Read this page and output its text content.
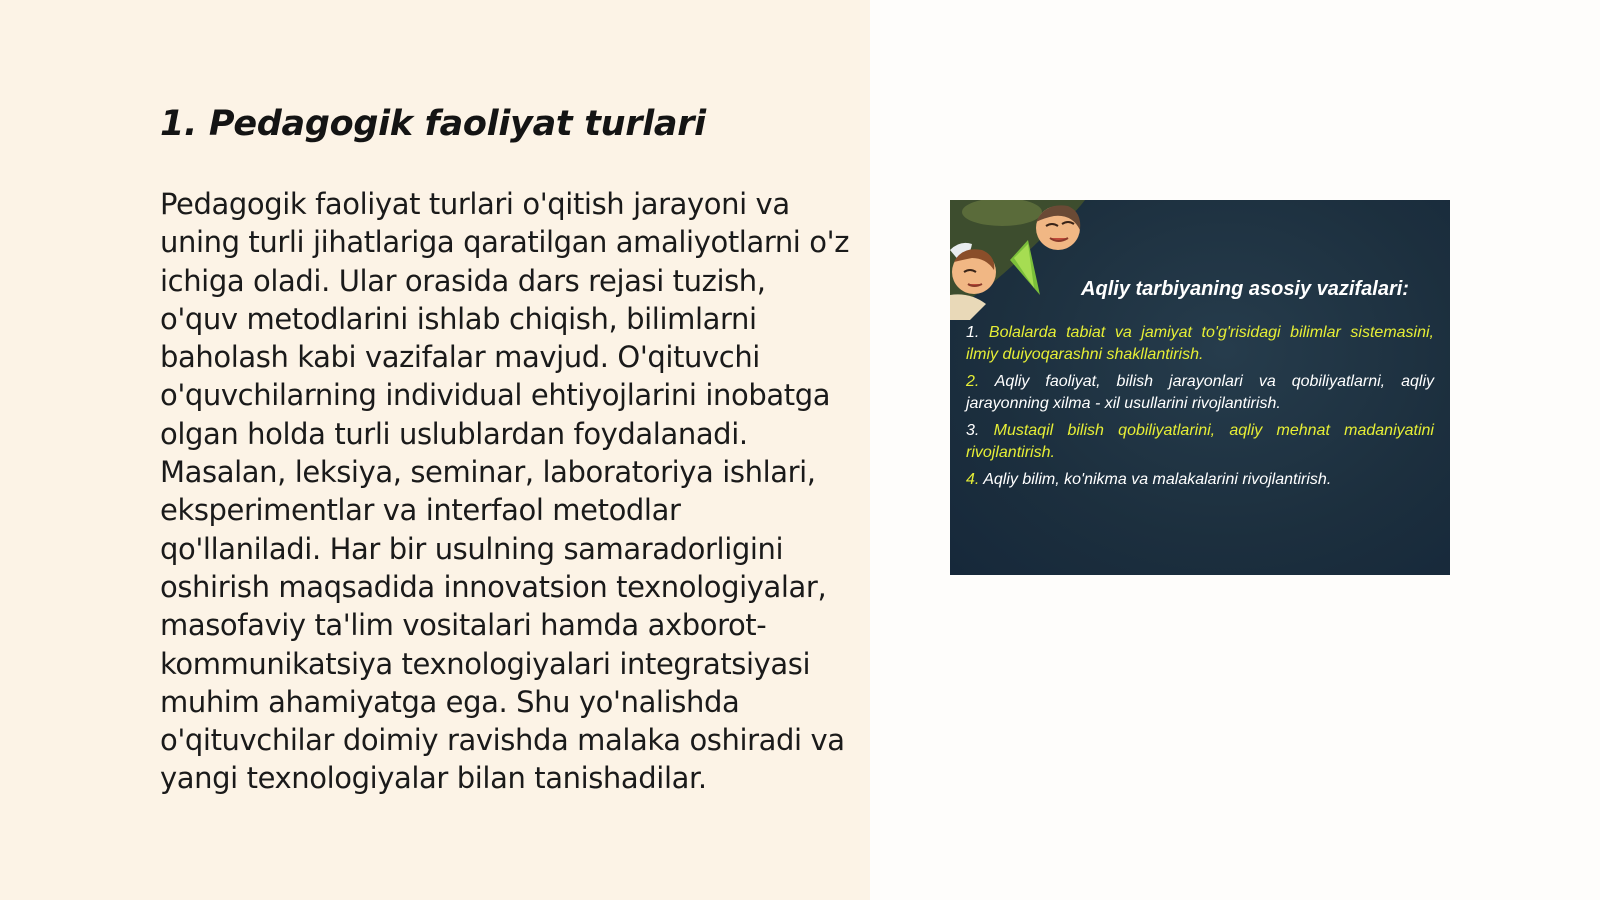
1. Pedagogik faoliyat turlari

Pedagogik faoliyat turlari o'qitish jarayoni va uning turli jihatlariga qaratilgan amaliyotlarni o'z ichiga oladi. Ular orasida dars rejasi tuzish, o'quv metodlarini ishlab chiqish, bilimlarni baholash kabi vazifalar mavjud. O'qituvchi o'quvchilarning individual ehtiyojlarini inobatga olgan holda turli uslublardan foydalanadi. Masalan, leksiya, seminar, laboratoriya ishlari, eksperimentlar va interfaol metodlar qo'llaniladi. Har bir usulning samaradorligini oshirish maqsadida innovatsion texnologiyalar, masofaviy ta'lim vositalari hamda axborot-kommunikatsiya texnologiyalari integratsiyasi muhim ahamiyatga ega. Shu yo'nalishda o'qituvchilar doimiy ravishda malaka oshiradi va yangi texnologiyalar bilan tanishadilar.

Aqliy tarbiyaning asosiy vazifalari:

1. Bolalarda tabiat va jamiyat to'g'risidagi bilimlar sistemasini, ilmiy duiyoqarashni shakllantirish.
2. Aqliy faoliyat, bilish jarayonlari va qobiliyatlarni, aqliy jarayonning xilma - xil usullarini rivojlantirish.
3. Mustaqil bilish qobiliyatlarini, aqliy mehnat madaniyatini rivojlantirish.
4. Aqliy bilim, ko'nikma va malakalarini rivojlantirish.
